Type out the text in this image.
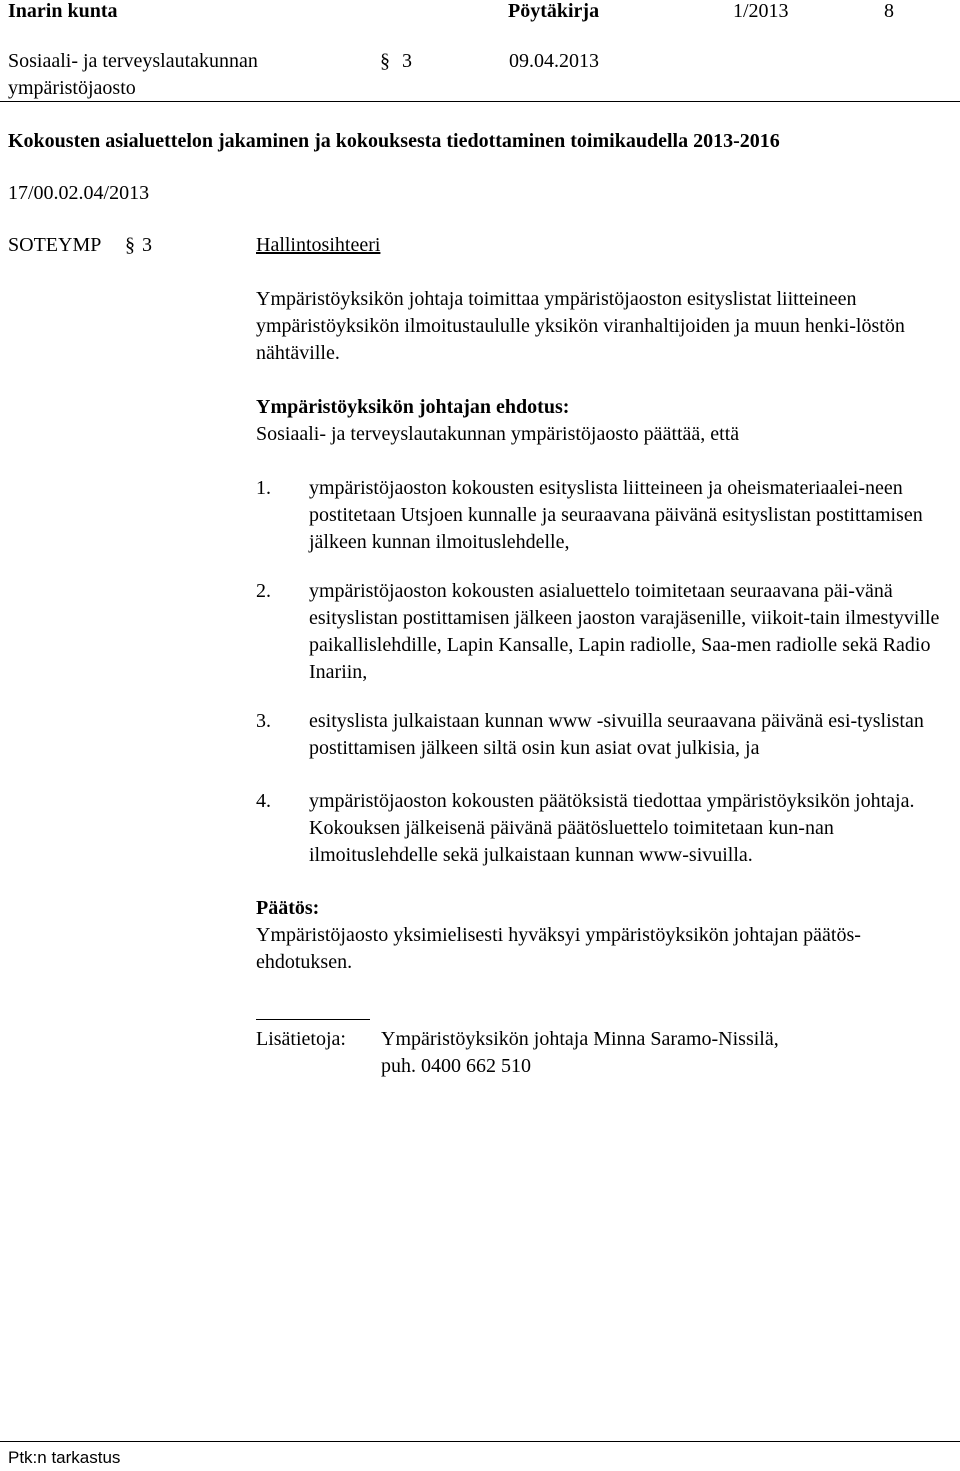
Inarin kunta	Pöytäkirja	1/2013	8
Sosiaali- ja terveyslautakunnan
ympäristöjaosto
§ 3	09.04.2013
Kokousten asialuettelon jakaminen ja kokouksesta tiedottaminen toimikaudella 2013-2016
17/00.02.04/2013
SOTEYMP § 3	Hallintosihteeri
Ympäristöyksikön johtaja toimittaa ympäristöjaoston esityslistat liitteineen ympäristöyksikön ilmoitustaululle yksikön viranhaltijoiden ja muun henki-löstön nähtäville.
Ympäristöyksikön johtajan ehdotus:
Sosiaali- ja terveyslautakunnan ympäristöjaosto päättää, että
1. ympäristöjaoston kokousten esityslista liitteineen ja oheismateriaalei-neen postitetaan Utsjoen kunnalle ja seuraavana päivänä esityslistan postittamisen jälkeen kunnan ilmoituslehdelle,
2. ympäristöjaoston kokousten asialuettelo toimitetaan seuraavana päi-vänä esityslistan postittamisen jälkeen jaoston varajäsenille, viikoit-tain ilmestyville paikallislehdille, Lapin Kansalle, Lapin radiolle, Saa-men radiolle sekä Radio Inariin,
3. esityslista julkaistaan kunnan www -sivuilla seuraavana päivänä esi-tyslistan postittamisen jälkeen siltä osin kun asiat ovat julkisia, ja
4. ympäristöjaoston kokousten päätöksistä tiedottaa ympäristöyksikön johtaja. Kokouksen jälkeisenä päivänä päätösluettelo toimitetaan kun-nan ilmoituslehdelle sekä julkaistaan kunnan www-sivuilla.
Päätös:
Ympäristöjaosto yksimielisesti hyväksyi ympäristöyksikön johtajan päätös-ehdotuksen.
Lisätietoja: Ympäristöyksikön johtaja Minna Saramo-Nissilä,
puh. 0400 662 510
Ptk:n tarkastus
